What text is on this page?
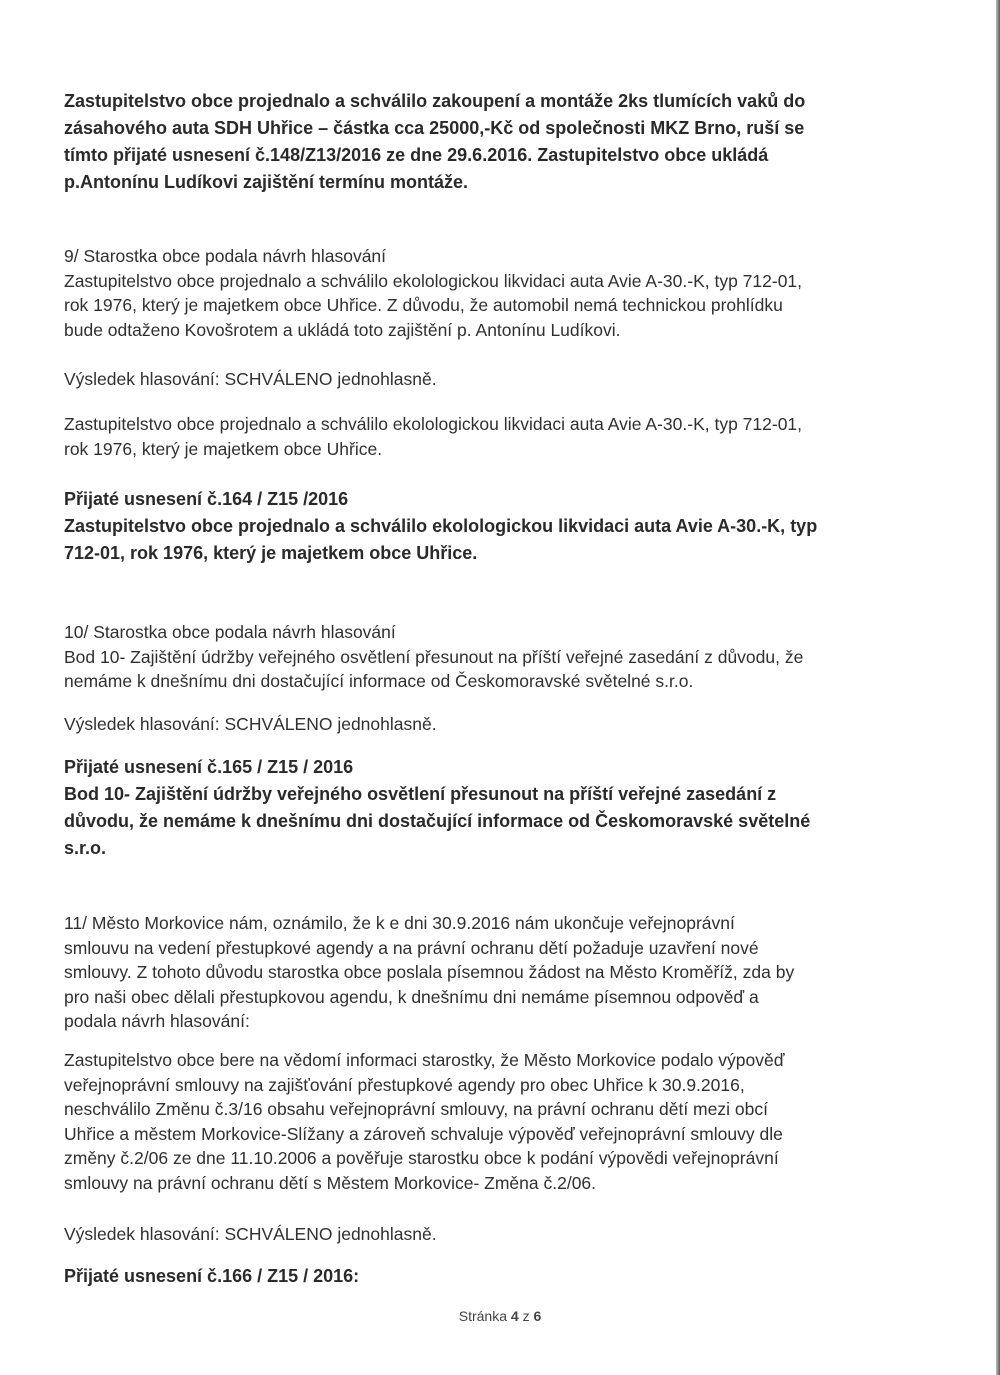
Zastupitelstvo obce projednalo a schválilo zakoupení a montáže 2ks tlumících vaků do
zásahového auta SDH Uhřice – částka cca 25000,-Kč od společnosti MKZ Brno, ruší se
tímto přijaté usnesení č.148/Z13/2016 ze dne 29.6.2016. Zastupitelstvo obce ukládá
p.Antonínu Ludíkovi zajištění termínu montáže.

9/ Starostka obce podala návrh hlasování
Zastupitelstvo obce projednalo a schválilo ekolologickou likvidaci auta Avie A-30.-K, typ 712-01,
rok 1976, který je majetkem obce Uhřice. Z důvodu, že automobil nemá technickou prohlídku
bude odtaženo Kovošrotem a ukládá toto zajištění p. Antonínu Ludíkovi.

Výsledek hlasování: SCHVÁLENO jednohlasně.

Zastupitelstvo obce projednalo a schválilo ekolologickou likvidaci auta Avie A-30.-K, typ 712-01,
rok 1976, který je majetkem obce Uhřice.

Přijaté usnesení č.164 / Z15 /2016
Zastupitelstvo obce projednalo a schválilo ekolologickou likvidaci auta Avie A-30.-K, typ
712-01, rok 1976, který je majetkem obce Uhřice.

10/ Starostka obce podala návrh hlasování
Bod 10- Zajištění údržby veřejného osvětlení přesunout na příští veřejné zasedání z důvodu, že
nemáme k dnešnímu dni dostačující informace od Českomoravské světelné s.r.o.

Výsledek hlasování: SCHVÁLENO jednohlasně.

Přijaté usnesení č.165 / Z15 / 2016
Bod 10- Zajištění údržby veřejného osvětlení přesunout na příští veřejné zasedání z
důvodu, že nemáme k dnešnímu dni dostačující informace od Českomoravské světelné
s.r.o.

11/ Město Morkovice nám, oznámilo, že k e dni 30.9.2016 nám ukončuje veřejnoprávní
smlouvu na vedení přestupkové agendy a na právní ochranu dětí požaduje uzavření nové
smlouvy. Z tohoto důvodu starostka obce poslala písemnou žádost na Město Kroměříž, zda by
pro naši obec dělali přestupkovou agendu, k dnešnímu dni nemáme písemnou odpověď a
podala návrh hlasování:

Zastupitelstvo obce bere na vědomí informaci starostky, že Město Morkovice podalo výpověď
veřejnoprávní smlouvy na zajišťování přestupkové agendy pro obec Uhřice k 30.9.2016,
neschválilo Změnu č.3/16 obsahu veřejnoprávní smlouvy, na právní ochranu dětí mezi obcí
Uhřice a městem Morkovice-Slížany a zároveň schvaluje výpověď veřejnoprávní smlouvy dle
změny č.2/06 ze dne 11.10.2006 a pověřuje starostku obce k podání výpovědi veřejnoprávní
smlouvy na právní ochranu dětí s Městem Morkovice- Změna č.2/06.

Výsledek hlasování: SCHVÁLENO jednohlasně.

Přijaté usnesení č.166 / Z15 / 2016:

Stránka 4 z 6
